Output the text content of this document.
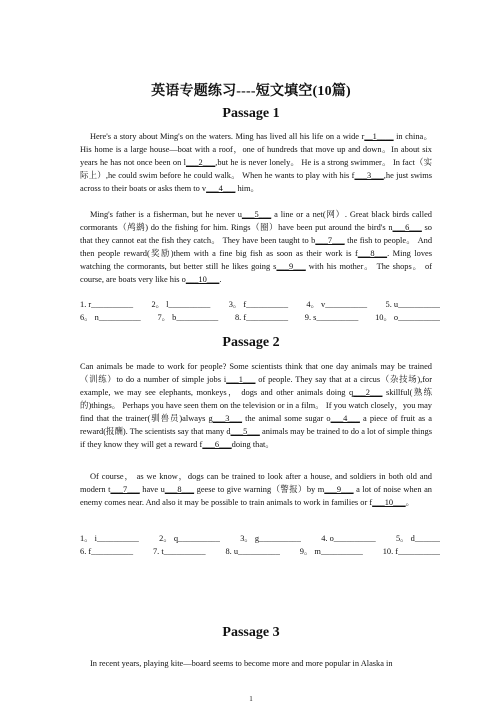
英语专题练习----短文填空(10篇)
Passage 1
Here's a story about Ming's on the waters. Ming has lived all his life on a wide r__1____ in china。His home is a large house—boat with a roof，one of hundreds that move up and down。In about six years he has not once been on l___2___,but he is never lonely。 He is a strong swimmer。 In fact（实际上）,he could swim before he could walk。 When he wants to play with his f___3___,he just swims across to their boats or asks them to v___4___ him。
Ming's father is a fisherman, but he never u___5___ a line or a net(网）. Great black birds called cormorants（鸬鹚) do the fishing for him. Rings（圈）have been put around the bird's n___6___ so that they cannot eat the fish they catch。 They have been taught to b___7___ the fish to people。 And then people reward(奖励)them with a fine big fish as soon as their work is f___8___. Ming loves watching the cormorants, but better still he likes going s___9___ with his mother。 The shops。 of course, are boats very like his o___10___.
1. r__________ 2。 l__________ 3。 f__________ 4。 v__________ 5. u__________
6。 n__________ 7。 b__________ 8. f__________ 9. s__________ 10。 o__________
Passage 2
Can animals be made to work for people? Some scientists think that one day animals may be trained（训练）to do a number of simple jobs i___1___ of people. They say that at a circus（杂技场),for example, we may see elephants, monkeys， dogs and other animals doing q___2___ skillful(熟练的)things。 Perhaps you have seen them on the television or in a film。 If you watch closely，you may find that the trainer(驯兽员)always g___3___ the animal some sugar o___4___ a piece of fruit as a reward(报酬). The scientists say that many d___5___ animals may be trained to do a lot of simple things if they know they will get a reward f___6___doing that。
Of course， as we know，dogs can be trained to look after a house, and soldiers in both old and modern t___7___ have u___8___ geese to give warning（警报）by m___9___ a lot of noise when an enemy comes near. And also it may be possible to train animals to work in families or f___10___。
1。 i__________ 2。 q__________ 3。 g__________ 4. o__________ 5。 d______
6. f__________ 7. t__________ 8. u__________ 9。 m__________ 10. f__________
Passage 3
In recent years, playing kite—board seems to become more and more popular in Alaska in
1
